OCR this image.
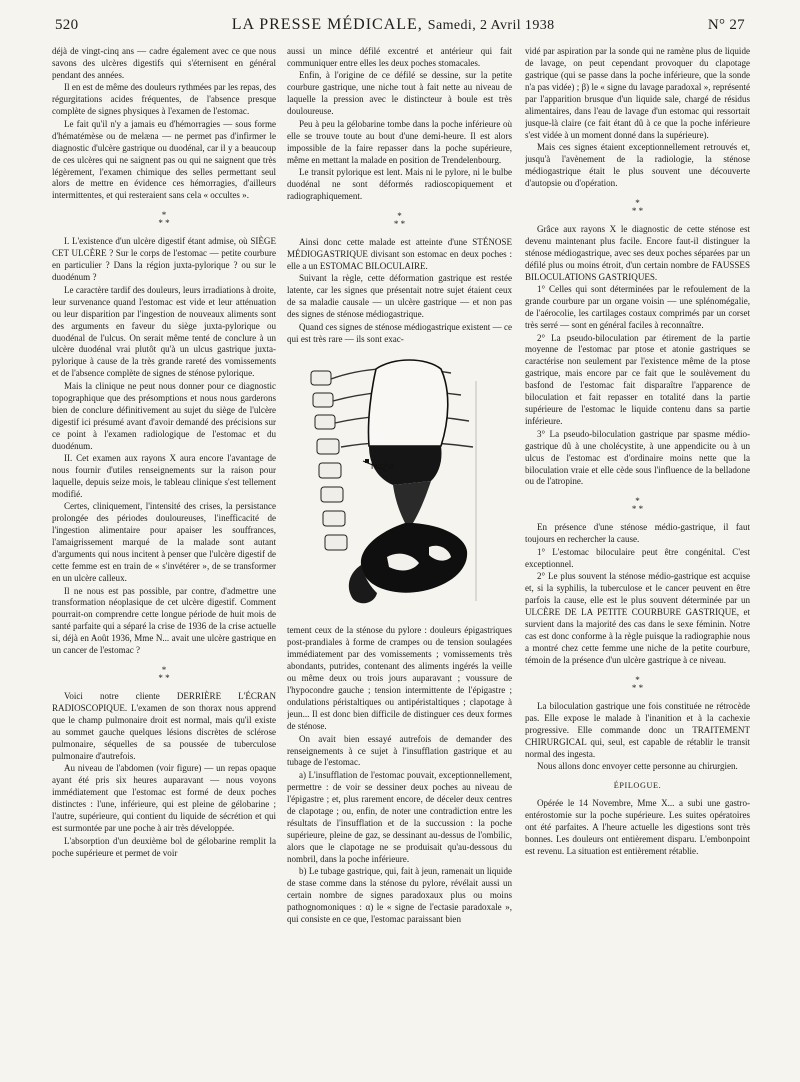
520	LA PRESSE MÉDICALE, Samedi, 2 Avril 1938	N° 27

déjà de vingt-cinq ans — cadre également avec ce que nous savons des ulcères digestifs qui s'éternisent en général pendant des années.

Il en est de même des douleurs rythmées par les repas, des régurgitations acides fréquentes, de l'absence presque complète de signes physiques à l'examen de l'estomac.

Le fait qu'il n'y a jamais eu d'hémorragies — sous forme d'hématémèse ou de melæna — ne permet pas d'infirmer le diagnostic d'ulcère gastrique ou duodénal, car il y a beaucoup de ces ulcères qui ne saignent pas ou qui ne saignent que très légèrement, l'examen chimique des selles permettant seul alors de mettre en évidence ces hémorragies, d'ailleurs intermittentes, et qui resteraient sans cela « occultes ».

*
* *

I. L'existence d'un ulcère digestif étant admise, où SIÈGE CET ULCÈRE ? Sur le corps de l'estomac — petite courbure en particulier ? Dans la région juxta-pylorique ? ou sur le duodénum ?

Le caractère tardif des douleurs, leurs irradiations à droite, leur survenance quand l'estomac est vide et leur atténuation ou leur disparition par l'ingestion de nouveaux aliments sont des arguments en faveur du siège juxta-pylorique ou duodénal de l'ulcus. On serait même tenté de conclure à un ulcère duodénal vrai plutôt qu'à un ulcus gastrique juxta-pylorique à cause de la très grande rareté des vomissements et de l'absence complète de signes de sténose pylorique.

Mais la clinique ne peut nous donner pour ce diagnostic topographique que des présomptions et nous nous garderons bien de conclure définitivement au sujet du siège de l'ulcère digestif ici présumé avant d'avoir demandé des précisions sur ce point à l'examen radiologique de l'estomac et du duodénum.

II. Cet examen aux rayons X aura encore l'avantage de nous fournir d'utiles renseignements sur la raison pour laquelle, depuis seize mois, le tableau clinique s'est tellement modifié.

Certes, cliniquement, l'intensité des crises, la persistance prolongée des périodes douloureuses, l'inefficacité de l'ingestion alimentaire pour apaiser les souffrances, l'amaigrissement marqué de la malade sont autant d'arguments qui nous incitent à penser que l'ulcère digestif de cette femme est en train de « s'invétérer », de se transformer en un ulcère calleux.

Il ne nous est pas possible, par contre, d'admettre une transformation néoplasique de cet ulcère digestif. Comment pourrait-on comprendre cette longue période de huit mois de santé parfaite qui a séparé la crise de 1936 de la crise actuelle si, déjà en Août 1936, Mme N... avait une ulcère gastrique en un cancer de l'estomac ?

*
* *

Voici notre cliente DERRIÈRE L'ÉCRAN RADIOSCOPIQUE. L'examen de son thorax nous apprend que le champ pulmonaire droit est normal, mais qu'il existe au sommet gauche quelques lésions discrètes de sclérose pulmonaire, séquelles de sa poussée de tuberculose pulmonaire d'autrefois.

Au niveau de l'abdomen (voir figure) — un repas opaque ayant été pris six heures auparavant — nous voyons immédiatement que l'estomac est formé de deux poches distinctes : l'une, inférieure, qui est pleine de gélobarine ; l'autre, supérieure, qui contient du liquide de sécrétion et qui est surmontée par une poche à air très développée.

L'absorption d'un deuxième bol de gélobarine remplit la poche supérieure et permet de voir

aussi un mince défilé excentré et antérieur qui fait communiquer entre elles les deux poches stomacales.

Enfin, à l'origine de ce défilé se dessine, sur la petite courbure gastrique, une niche tout à fait nette au niveau de laquelle la pression avec le distincteur à boule est très douloureuse.

Peu à peu la gélobarine tombe dans la poche inférieure où elle se trouve toute au bout d'une demi-heure. Il est alors impossible de la faire repasser dans la poche supérieure, même en mettant la malade en position de Trendelenbourg.

Le transit pylorique est lent. Mais ni le pylore, ni le bulbe duodénal ne sont déformés radioscopiquement et radiographiquement.

*
* *

Ainsi donc cette malade est atteinte d'une STÉNOSE MÉDIOGASTRIQUE divisant son estomac en deux poches : elle a un ESTOMAC BILOCULAIRE.

Suivant la règle, cette déformation gastrique est restée latente, car les signes que présentait notre sujet étaient ceux de sa maladie causale — un ulcère gastrique — et non pas des signes de sténose médiogastrique.

Quand ces signes de sténose médiogastrique existent — ce qui est très rare — ils sont exac-

Niche

tement ceux de la sténose du pylore : douleurs épigastriques post-prandiales à forme de crampes ou de tension soulagées immédiatement par des vomissements ; vomissements très abondants, putrides, contenant des aliments ingérés la veille ou même deux ou trois jours auparavant ; voussure de l'hypocondre gauche ; tension intermittente de l'épigastre ; ondulations péristaltiques ou antipéristaltiques ; clapotage à jeun... Il est donc bien difficile de distinguer ces deux formes de sténose.

On avait bien essayé autrefois de demander des renseignements à ce sujet à l'insufflation gastrique et au tubage de l'estomac.

a) L'insufflation de l'estomac pouvait, exceptionnellement, permettre : de voir se dessiner deux poches au niveau de l'épigastre ; et, plus rarement encore, de déceler deux centres de clapotage ; ou, enfin, de noter une contradiction entre les résultats de l'insufflation et de la succussion : la poche supérieure, pleine de gaz, se dessinant au-dessus de l'ombilic, alors que le clapotage ne se produisait qu'au-dessous du nombril, dans la poche inférieure.

b) Le tubage gastrique, qui, fait à jeun, ramenait un liquide de stase comme dans la sténose du pylore, révélait aussi un certain nombre de signes paradoxaux plus ou moins pathognomoniques : α) le « signe de l'ectasie paradoxale », qui consiste en ce que, l'estomac paraissant bien

vidé par aspiration par la sonde qui ne ramène plus de liquide de lavage, on peut cependant provoquer du clapotage gastrique (qui se passe dans la poche inférieure, que la sonde n'a pas vidée) ; β) le « signe du lavage paradoxal », représenté par l'apparition brusque d'un liquide sale, chargé de résidus alimentaires, dans l'eau de lavage d'un estomac qui ressortait jusque-là claire (ce fait étant dû à ce que la poche inférieure s'est vidée à un moment donné dans la supérieure).

Mais ces signes étaient exceptionnellement retrouvés et, jusqu'à l'avènement de la radiologie, la sténose médiogastrique était le plus souvent une découverte d'autopsie ou d'opération.

*
* *

Grâce aux rayons X le diagnostic de cette sténose est devenu maintenant plus facile. Encore faut-il distinguer la sténose médiogastrique, avec ses deux poches séparées par un défilé plus ou moins étroit, d'un certain nombre de FAUSSES BILOCULATIONS GASTRIQUES.

1° Celles qui sont déterminées par le refoulement de la grande courbure par un organe voisin — une splénomégalie, de l'aérocolie, les cartilages costaux comprimés par un corset très serré — sont en général faciles à reconnaître.

2° La pseudo-biloculation par étirement de la partie moyenne de l'estomac par ptose et atonie gastriques se caractérise non seulement par l'existence même de la ptose gastrique, mais encore par ce fait que le soulèvement du basfond de l'estomac fait disparaître l'apparence de biloculation et fait repasser en totalité dans la partie supérieure de l'estomac le liquide contenu dans sa partie inférieure.

3° La pseudo-biloculation gastrique par spasme médio-gastrique dû à une cholécystite, à une appendicite ou à un ulcus de l'estomac est d'ordinaire moins nette que la biloculation vraie et elle cède sous l'influence de la belladone ou de l'atropine.

*
* *

En présence d'une sténose médio-gastrique, il faut toujours en rechercher la cause.

1° L'estomac biloculaire peut être congénital. C'est exceptionnel.

2° Le plus souvent la sténose médio-gastrique est acquise et, si la syphilis, la tuberculose et le cancer peuvent en être parfois la cause, elle est le plus souvent déterminée par un ULCÈRE DE LA PETITE COURBURE GASTRIQUE, et survient dans la majorité des cas dans le sexe féminin. Notre cas est donc conforme à la règle puisque la radiographie nous a montré chez cette femme une niche de la petite courbure, témoin de la présence d'un ulcère gastrique à ce niveau.

*
* *

La biloculation gastrique une fois constituée ne rétrocède pas. Elle expose le malade à l'inanition et à la cachexie progressive. Elle commande donc un TRAITEMENT CHIRURGICAL qui, seul, est capable de rétablir le transit normal des ingesta.

Nous allons donc envoyer cette personne au chirurgien.

ÉPILOGUE.

Opérée le 14 Novembre, Mme X... a subi une gastro-entérostomie sur la poche supérieure. Les suites opératoires ont été parfaites. A l'heure actuelle les digestions sont très bonnes. Les douleurs ont entièrement disparu. L'embonpoint est revenu. La situation est entièrement rétablie.
